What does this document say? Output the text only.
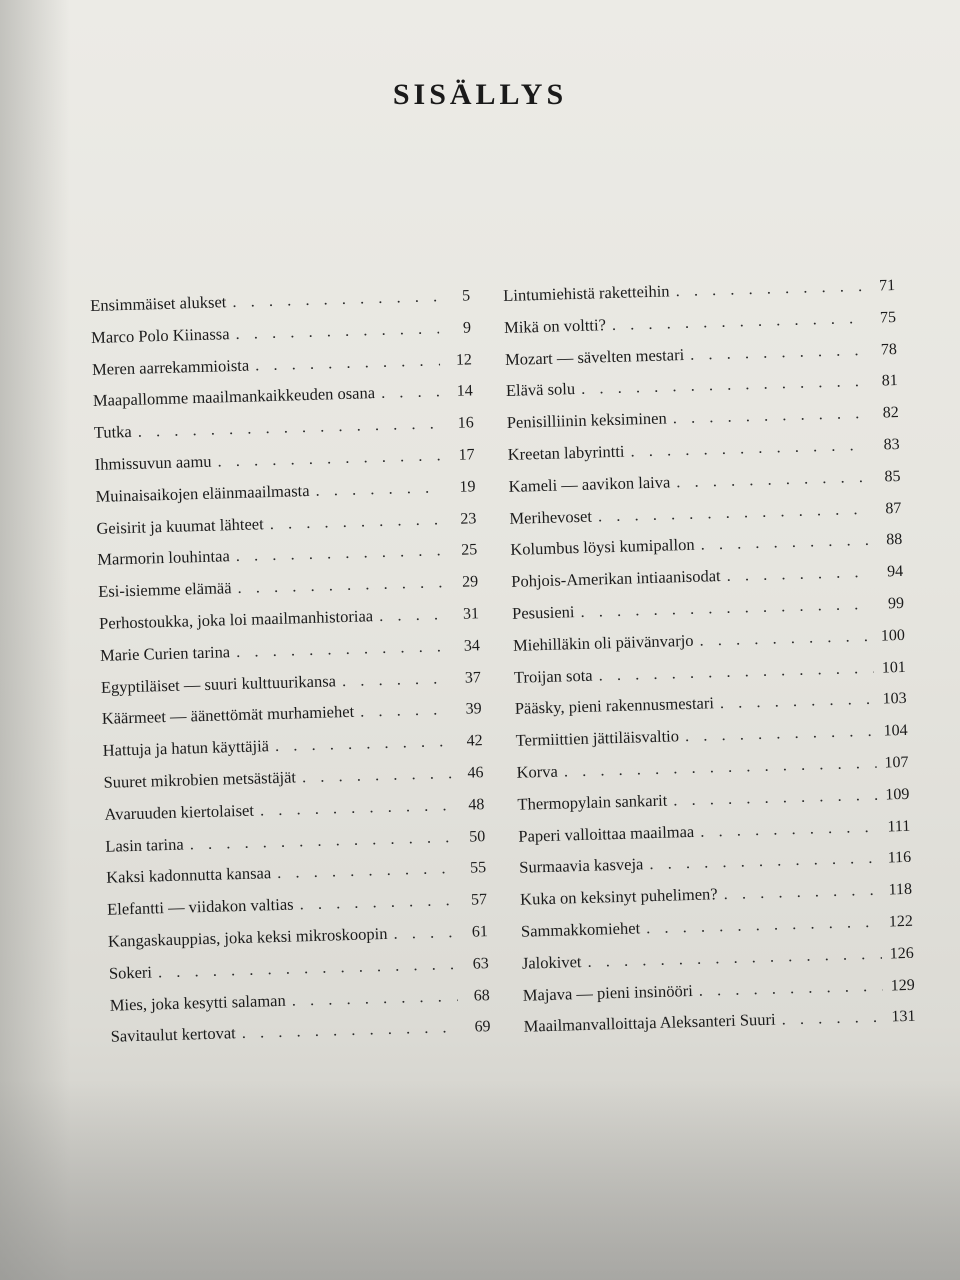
SISÄLLYS
Ensimmäiset alukset . . .	5
Marco Polo Kiinassa . . .	9
Meren aarrekammioista . . .	12
Maapallomme maailmankaikkeuden osana . . .	14
Tutka . . .	16
Ihmissuvun aamu . . .	17
Muinaisaikojen eläinmaailmasta . . .	19
Geisirit ja kuumat lähteet . . .	23
Marmorin louhintaa . . .	25
Esi-isiemme elämää . . .	29
Perhostoukka, joka loi maailmanhistoriaa . . .	31
Marie Curien tarina . . .	34
Egyptiläiset — suuri kulttuurikansa . . .	37
Käärmeet — äänettömät murhamiehet . . .	39
Hattuja ja hatun käyttäjiä . . .	42
Suuret mikrobien metsästäjät . . .	46
Avaruuden kiertolaiset . . .	48
Lasin tarina . . .	50
Kaksi kadonnutta kansaa . . .	55
Elefantti — viidakon valtias . . .	57
Kangaskauppias, joka keksi mikroskoopin . . .	61
Sokeri . . .	63
Mies, joka kesytti salaman . . .	68
Savitaulut kertovat . . .	69
Lintumiehistä raketteihin . . .	71
Mikä on voltti? . . .	75
Mozart — sävelten mestari . . .	78
Elävä solu . . .	81
Penisilliinin keksiminen . . .	82
Kreetan labyrintti . . .	83
Kameli — aavikon laiva . . .	85
Merihevoset . . .	87
Kolumbus löysi kumipallon . . .	88
Pohjois-Amerikan intiaanisodat . . .	94
Pesusieni . . .	99
Miehilläkin oli päivänvarjo . . .	100
Troijan sota . . .	101
Pääsky, pieni rakennusmestari . . .	103
Termiittien jättiläisvaltio . . .	104
Korva . . .	107
Thermopylain sankarit . . .	109
Paperi valloittaa maailmaa . . .	111
Surmaavia kasveja . . .	116
Kuka on keksinyt puhelimen? . . .	118
Sammakkomiehet . . .	122
Jalokivet . . .	126
Majava — pieni insinööri . . .	129
Maailmanvalloittaja Aleksanteri Suuri . . .	131
